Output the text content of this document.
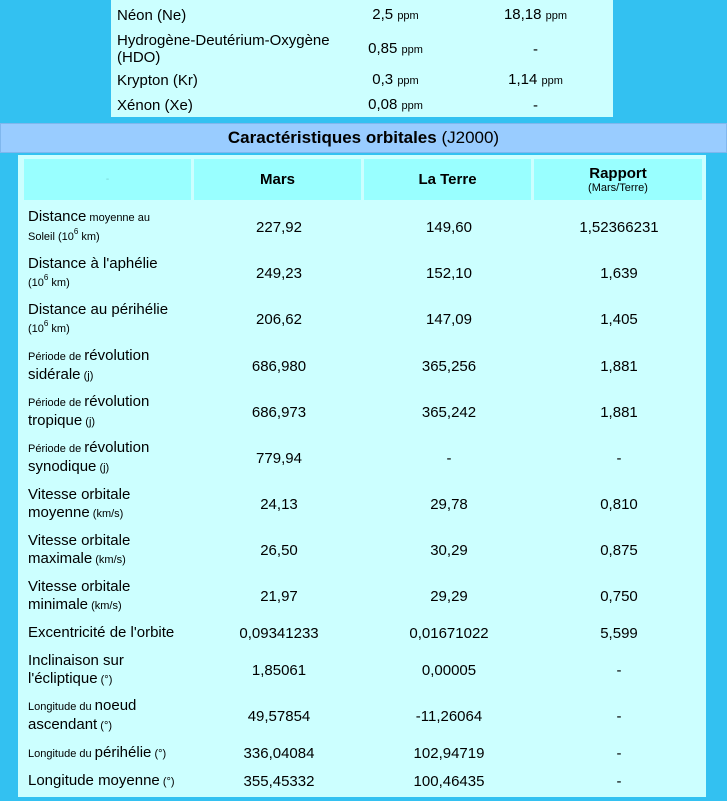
Néon (Ne)	2,5 ppm	18,18 ppm
Hydrogène-Deutérium-Oxygène (HDO)
0,85 ppm	-
Krypton (Kr)	0,3 ppm	1,14 ppm
Xénon (Xe)	0,08 ppm	-
Caractéristiques orbitales (J2000)
-	Mars	La Terre	Rapport
(Mars/Terre)
Distance moyenne au
Soleil ($10^6$ km)
227,92	149,60	1,52366231
Distance à l'aphélie
($10^6$ km)
249,23	152,10	1,639
Distance au périhélie
($10^6$ km)
206,62	147,09	1,405
Période de révolution
sidérale (j)
686,980	365,256	1,881
Période de révolution
tropique (j)
686,973	365,242	1,881
Période de révolution
synodique (j)
779,94	-	-
Vitesse orbitale
moyenne (km/s)
24,13	29,78	0,810
Vitesse orbitale
maximale (km/s)
26,50	30,29	0,875
Vitesse orbitale
minimale (km/s)
21,97	29,29	0,750
Excentricité de l'orbite	0,09341233	0,01671022	5,599
Inclinaison sur
l'écliptique (°)
1,85061	0,00005	-
Longitude du noeud
ascendant (°)
49,57854	-11,26064	-
Longitude du périhélie (°)	336,04084	102,94719	-
Longitude moyenne (°)	355,45332	100,46435	-
